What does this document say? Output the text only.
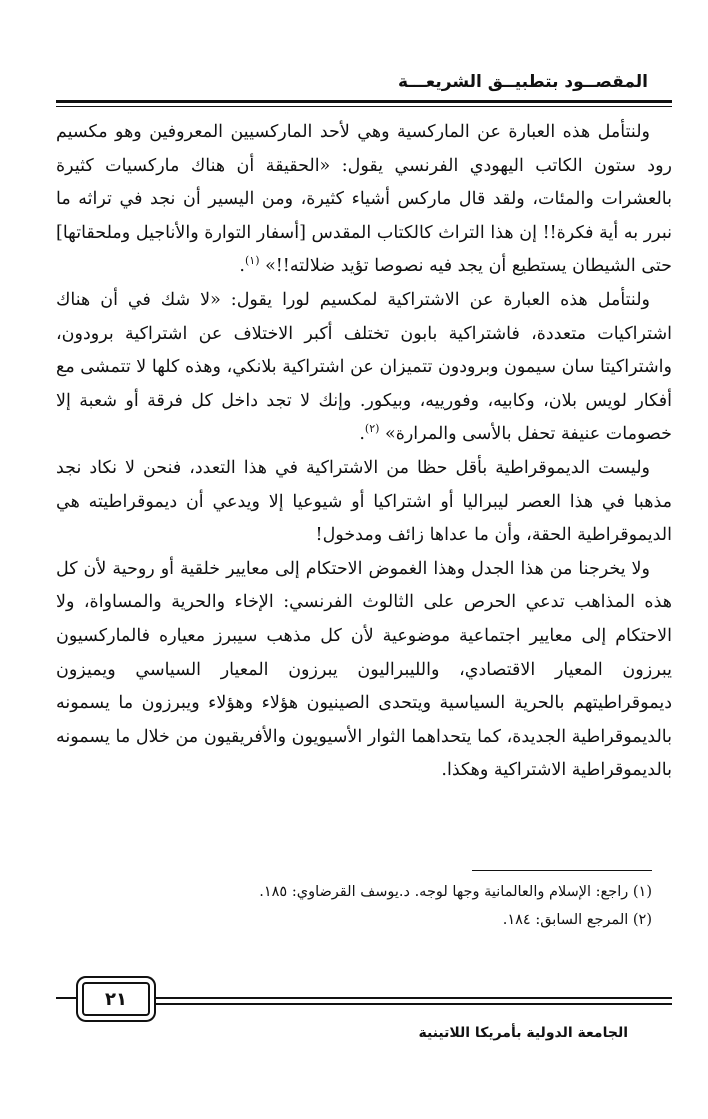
المقصــود بتطبيــق الشريعـــة

ولنتأمل هذه العبارة عن الماركسية وهي لأحد الماركسيين المعروفين وهو مكسيم رود ستون الكاتب اليهودي الفرنسي يقول: «الحقيقة أن هناك ماركسيات كثيرة بالعشرات والمئات، ولقد قال ماركس أشياء كثيرة، ومن اليسير أن نجد في تراثه ما نبرر به أية فكرة!! إن هذا التراث كالكتاب المقدس [أسفار التوارة والأناجيل وملحقاتها] حتى الشيطان يستطيع أن يجد فيه نصوصا تؤيد ضلالته!!» $^{(١)}$.

ولنتأمل هذه العبارة عن الاشتراكية لمكسيم لورا يقول: «لا شك في أن هناك اشتراكيات متعددة، فاشتراكية بابون تختلف أكبر الاختلاف عن اشتراكية برودون، واشتراكيتا سان سيمون وبرودون تتميزان عن اشتراكية بلانكي، وهذه كلها لا تتمشى مع أفكار لويس بلان، وكابيه، وفورييه، وبيكور. وإنك لا تجد داخل كل فرقة أو شعبة إلا خصومات عنيفة تحفل بالأسى والمرارة» $^{(٢)}$.

وليست الديموقراطية بأقل حظا من الاشتراكية في هذا التعدد، فنحن لا نكاد نجد مذهبا في هذا العصر ليبراليا أو اشتراكيا أو شيوعيا إلا ويدعي أن ديموقراطيته هي الديموقراطية الحقة، وأن ما عداها زائف ومدخول!

ولا يخرجنا من هذا الجدل وهذا الغموض الاحتكام إلى معايير خلقية أو روحية لأن كل هذه المذاهب تدعي الحرص على الثالوث الفرنسي: الإخاء والحرية والمساواة، ولا الاحتكام إلى معايير اجتماعية موضوعية لأن كل مذهب سيبرز معياره فالماركسيون يبرزون المعيار الاقتصادي، والليبراليون يبرزون المعيار السياسي ويميزون ديموقراطيتهم بالحرية السياسية ويتحدى الصينيون هؤلاء وهؤلاء ويبرزون ما يسمونه بالديموقراطية الجديدة، كما يتحداهما الثوار الأسيويون والأفريقيون من خلال ما يسمونه بالديموقراطية الاشتراكية وهكذا.

(١) راجع: الإسلام والعالمانية وجها لوجه. د.يوسف القرضاوي: ١٨٥.
(٢) المرجع السابق: ١٨٤.
٢١
الجامعة الدولية بأمريكا اللاتينية
